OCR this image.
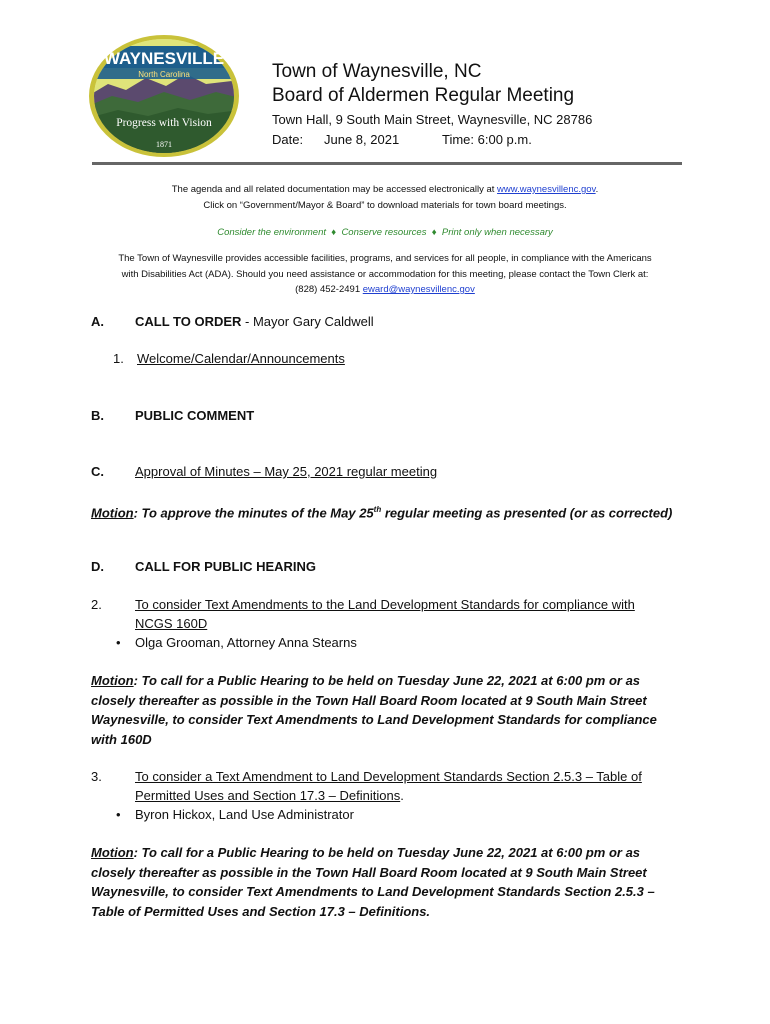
WAYNESVILLE
North Carolina
Progress with Vision
1871
Town of Waynesville, NC
Board of Aldermen Regular Meeting
Town Hall, 9 South Main Street, Waynesville, NC 28786
Date: June 8, 2021	Time: 6:00 p.m.
The agenda and all related documentation may be accessed electronically at www.waynesvillenc.gov.
Click on “Government/Mayor & Board” to download materials for town board meetings.
Consider the environment  ♦  Conserve resources  ♦  Print only when necessary
The Town of Waynesville provides accessible facilities, programs, and services for all people, in compliance with the Americans
with Disabilities Act (ADA). Should you need assistance or accommodation for this meeting, please contact the Town Clerk at:
(828) 452-2491 eward@waynesvillenc.gov
A. CALL TO ORDER - Mayor Gary Caldwell
1. Welcome/Calendar/Announcements
B. PUBLIC COMMENT
C. Approval of Minutes – May 25, 2021 regular meeting
Motion: To approve the minutes of the May 25th regular meeting as presented (or as corrected)
D. CALL FOR PUBLIC HEARING
2.	To consider Text Amendments to the Land Development Standards for compliance with
NCGS 160D
• Olga Grooman, Attorney Anna Stearns
Motion: To call for a Public Hearing to be held on Tuesday June 22, 2021 at 6:00 pm or as
closely thereafter as possible in the Town Hall Board Room located at 9 South Main Street
Waynesville, to consider Text Amendments to Land Development Standards for compliance
with 160D
3.	To consider a Text Amendment to Land Development Standards Section 2.5.3 – Table of
Permitted Uses and Section 17.3 – Definitions.
• Byron Hickox, Land Use Administrator
Motion: To call for a Public Hearing to be held on Tuesday June 22, 2021 at 6:00 pm or as
closely thereafter as possible in the Town Hall Board Room located at 9 South Main Street
Waynesville, to consider Text Amendments to Land Development Standards Section 2.5.3 –
Table of Permitted Uses and Section 17.3 – Definitions.
